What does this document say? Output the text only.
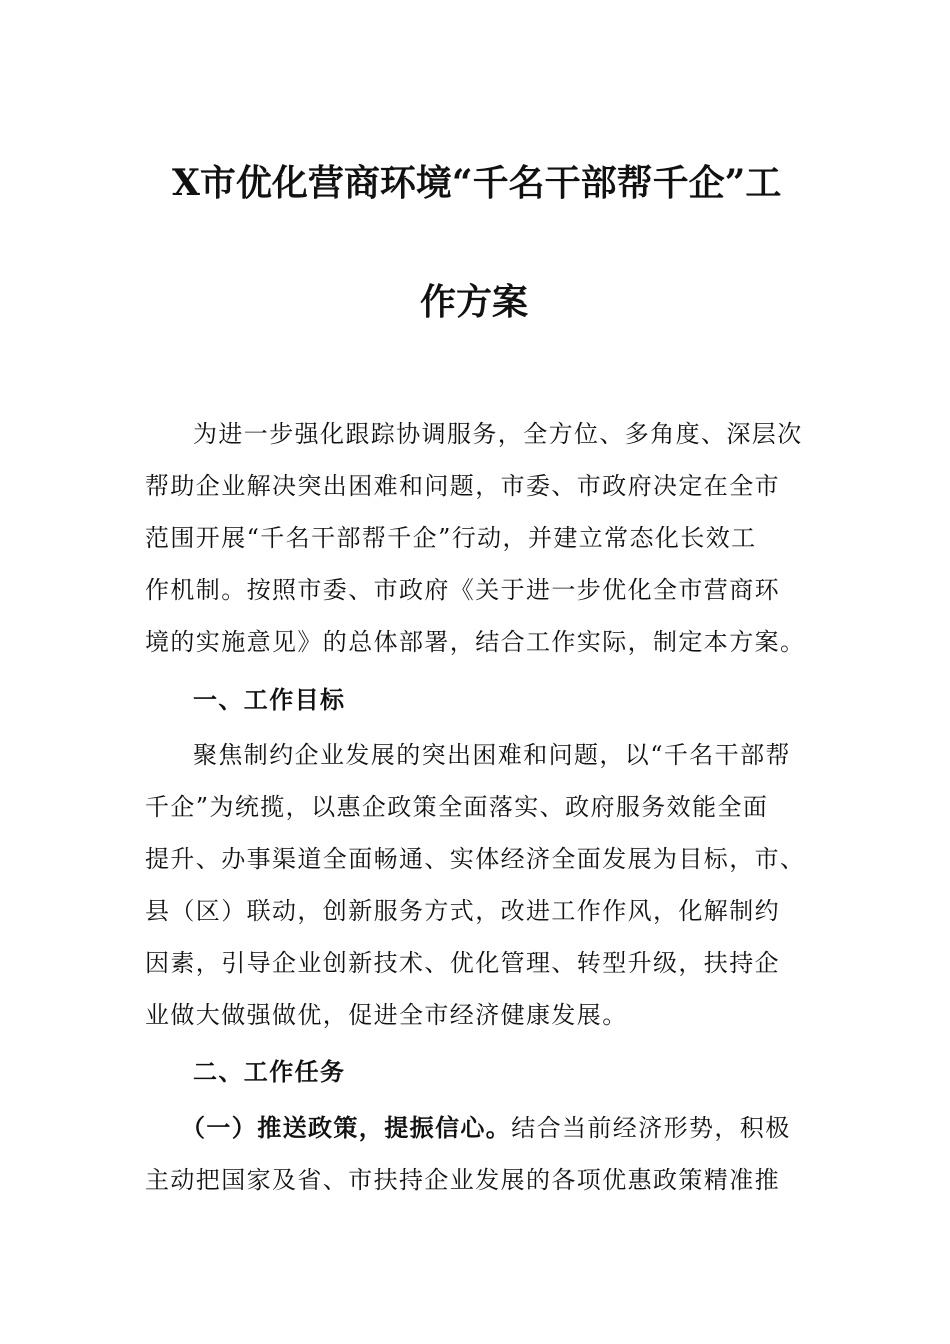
X市优化营商环境“千名干部帮千企”工
作方案
为进一步强化跟踪协调服务，全方位、多角度、深层次
帮助企业解决突出困难和问题，市委、市政府决定在全市
范围开展“千名干部帮千企”行动，并建立常态化长效工
作机制。按照市委、市政府《关于进一步优化全市营商环
境的实施意见》的总体部署，结合工作实际，制定本方案。
一、工作目标
聚焦制约企业发展的突出困难和问题，以“千名干部帮
千企”为统揽，以惠企政策全面落实、政府服务效能全面
提升、办事渠道全面畅通、实体经济全面发展为目标，市、
县（区）联动，创新服务方式，改进工作作风，化解制约
因素，引导企业创新技术、优化管理、转型升级，扶持企
业做大做强做优，促进全市经济健康发展。
二、工作任务
（一）推送政策，提振信心。结合当前经济形势，积极
主动把国家及省、市扶持企业发展的各项优惠政策精准推
